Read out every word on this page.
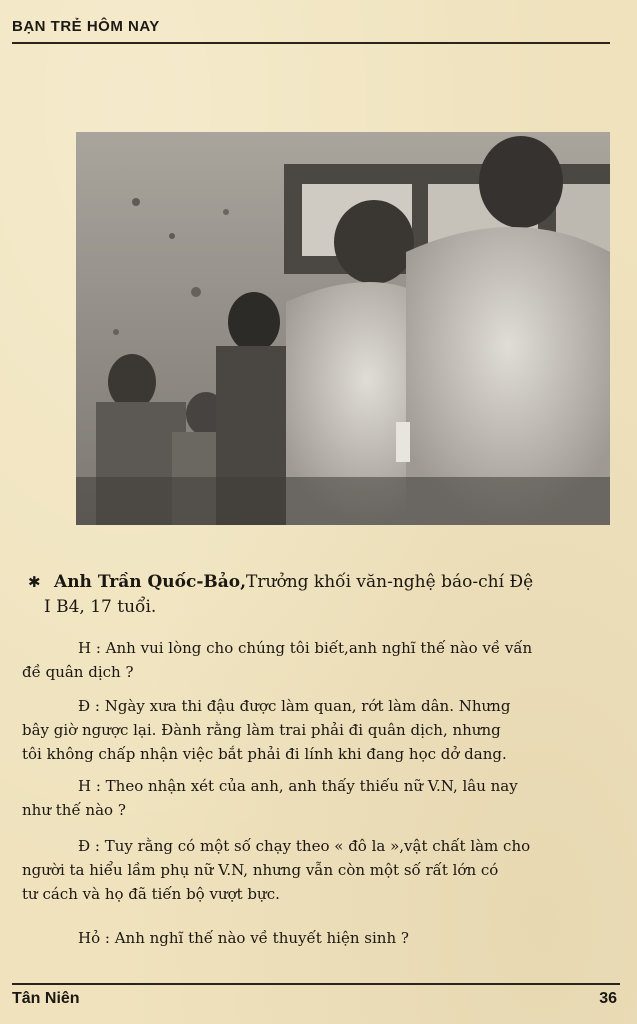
BẠN TRẺ HÔM NAY
✱ Anh Trần Quốc-Bảo,Trưởng khối văn-nghệ báo-chí Đệ
I B4, 17 tuổi.
H : Anh vui lòng cho chúng tôi biết,anh nghĩ thế nào về vấn
đề quân dịch ?
Đ : Ngày xưa thi đậu được làm quan, rớt làm dân. Nhưng
bây giờ ngược lại. Đành rằng làm trai phải đi quân dịch, nhưng
tôi không chấp nhận việc bắt phải đi lính khi đang học dở dang.
H : Theo nhận xét của anh, anh thấy thiếu nữ V.N, lâu nay
như thế nào ?
Đ : Tuy rằng có một số chạy theo « đô la »,vật chất làm cho
người ta hiểu lầm phụ nữ V.N, nhưng vẫn còn một số rất lớn có
tư cách và họ đã tiến bộ vượt bực.
Hỏ : Anh nghĩ thế nào về thuyết hiện sinh ?
Tân Niên	36
